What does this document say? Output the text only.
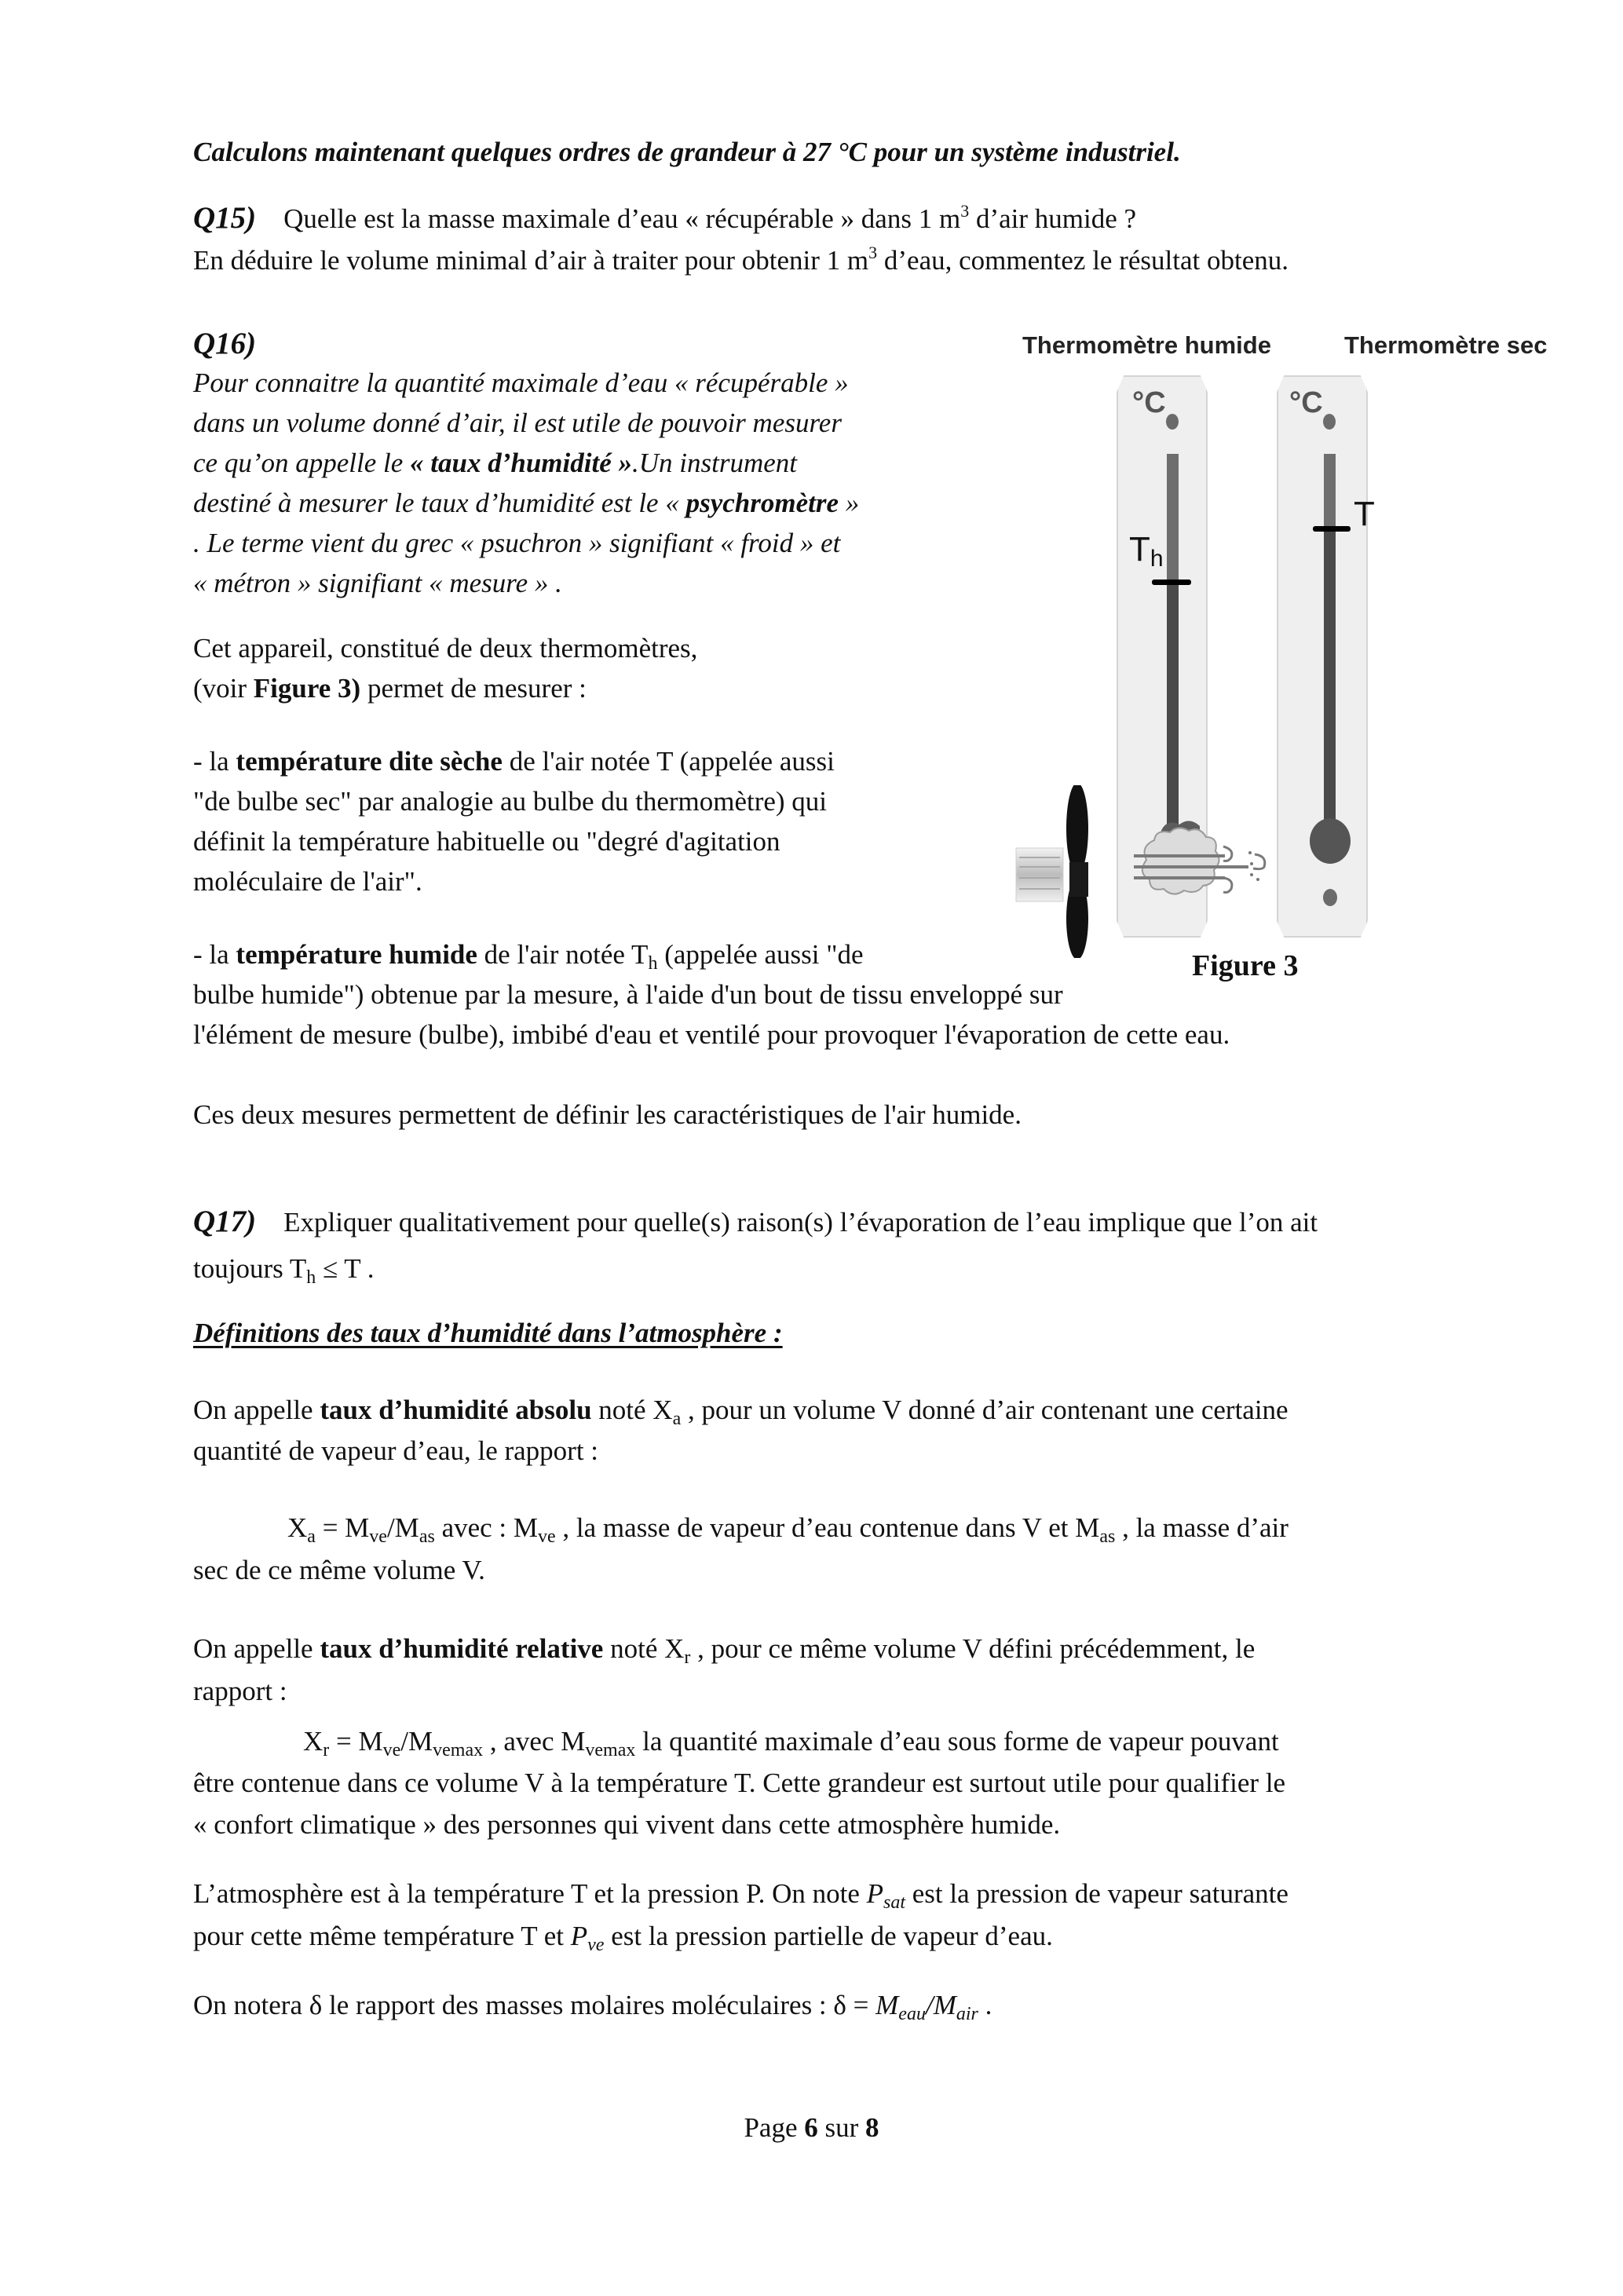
Calculons maintenant quelques ordres de grandeur à 27 °C pour un système industriel.
Q15) Quelle est la masse maximale d’eau « récupérable » dans 1 $m^3$ d’air humide ?
En déduire le volume minimal d’air à traiter pour obtenir 1 $m^3$ d’eau, commentez le résultat obtenu.
Q16)
Pour connaitre la quantité maximale d’eau « récupérable »
dans un volume donné d’air, il est utile de pouvoir mesurer
ce qu’on appelle le « taux d’humidité ».Un instrument
destiné à mesurer le taux d’humidité est le « psychromètre »
. Le terme vient du grec « psuchron » signifiant « froid » et
« métron » signifiant « mesure » .
Cet appareil, constitué de deux thermomètres,
(voir Figure 3) permet de mesurer :
- la température dite sèche de l'air notée T (appelée aussi
"de bulbe sec" par analogie au bulbe du thermomètre) qui
définit la température habituelle ou "degré d'agitation
moléculaire de l'air".
- la température humide de l'air notée $T_h$ (appelée aussi "de
bulbe humide") obtenue par la mesure, à l'aide d'un bout de tissu enveloppé sur
l'élément de mesure (bulbe), imbibé d'eau et ventilé pour provoquer l'évaporation de cette eau.
Ces deux mesures permettent de définir les caractéristiques de l'air humide.
Thermomètre humide	Thermomètre sec
°C
$T_h$
°C
T
Figure 3
Q17) Expliquer qualitativement pour quelle(s) raison(s) l’évaporation de l’eau implique que l’on ait
toujours $T_h \le T$ .
Définitions des taux d’humidité dans l’atmosphère :
On appelle taux d’humidité absolu noté $X_a$ , pour un volume V donné d’air contenant une certaine
quantité de vapeur d’eau, le rapport :
$X_a = M_{ve}/M_{as}$ avec : $M_{ve}$ , la masse de vapeur d’eau contenue dans V et $M_{as}$ , la masse d’air
sec de ce même volume V.
On appelle taux d’humidité relative noté $X_r$ , pour ce même volume V défini précédemment, le
rapport :
$X_r = M_{ve}/M_{vemax}$ , avec $M_{vemax}$ la quantité maximale d’eau sous forme de vapeur pouvant
être contenue dans ce volume V à la température T. Cette grandeur est surtout utile pour qualifier le
« confort climatique » des personnes qui vivent dans cette atmosphère humide.
L’atmosphère est à la température T et la pression P. On note $P_{sat}$ est la pression de vapeur saturante
pour cette même température T et $P_{ve}$ est la pression partielle de vapeur d’eau.
On notera δ le rapport des masses molaires moléculaires : $\delta = M_{eau}/M_{air}$ .
Page 6 sur 8
